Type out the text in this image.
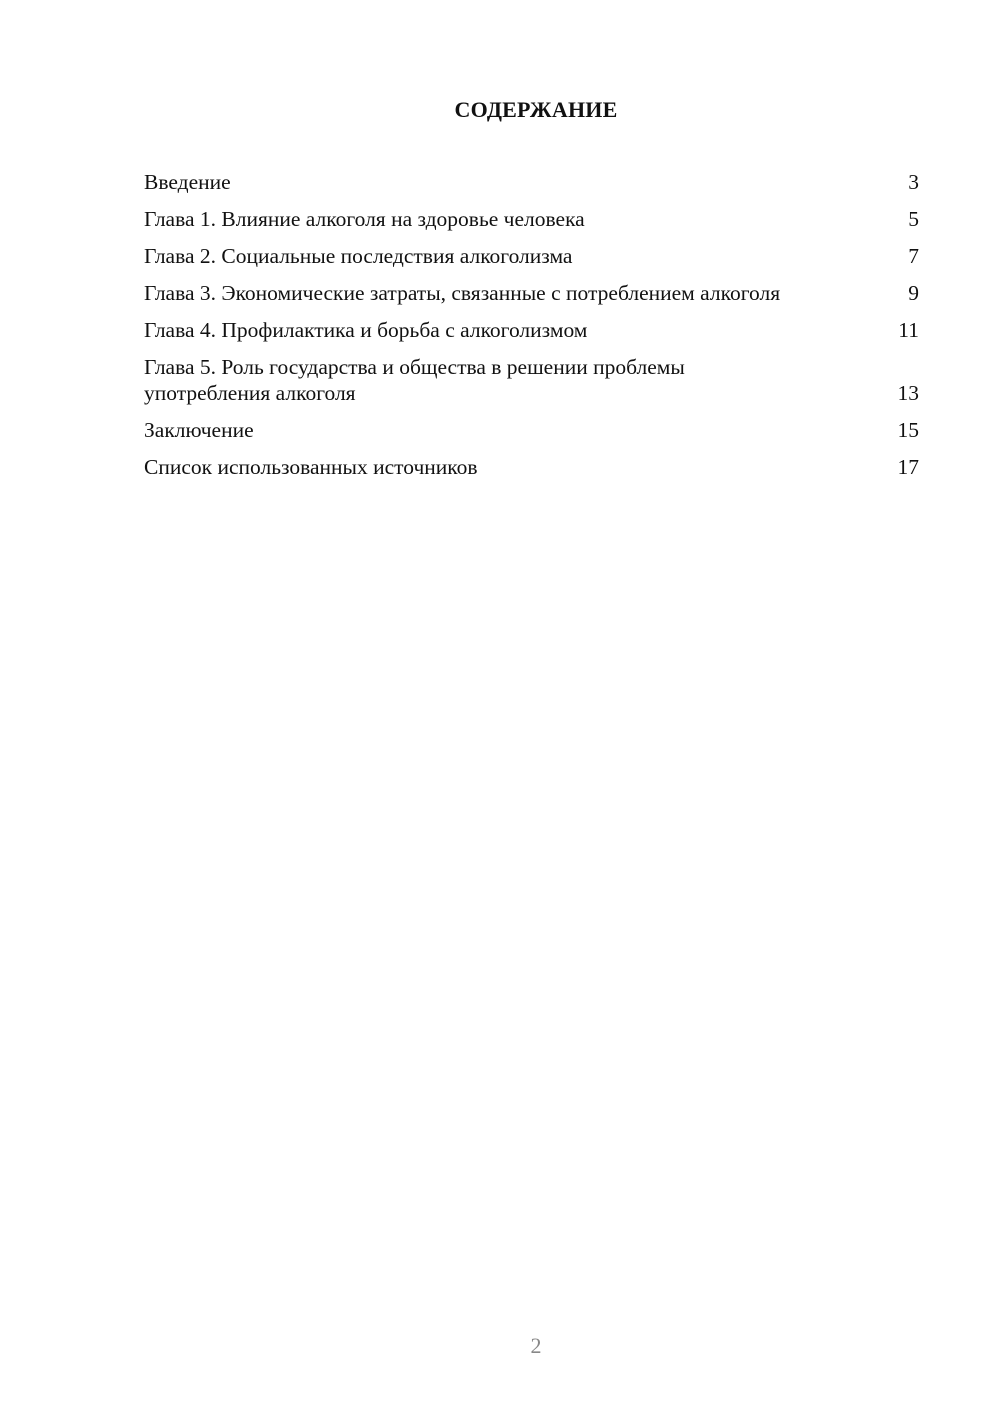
СОДЕРЖАНИЕ
Введение	3
Глава 1. Влияние алкоголя на здоровье человека	5
Глава 2. Социальные последствия алкоголизма	7
Глава 3. Экономические затраты, связанные с потреблением алкоголя	9
Глава 4. Профилактика и борьба с алкоголизмом	11
Глава 5. Роль государства и общества в решении проблемы употребления алкоголя	13
Заключение	15
Список использованных источников	17
2
